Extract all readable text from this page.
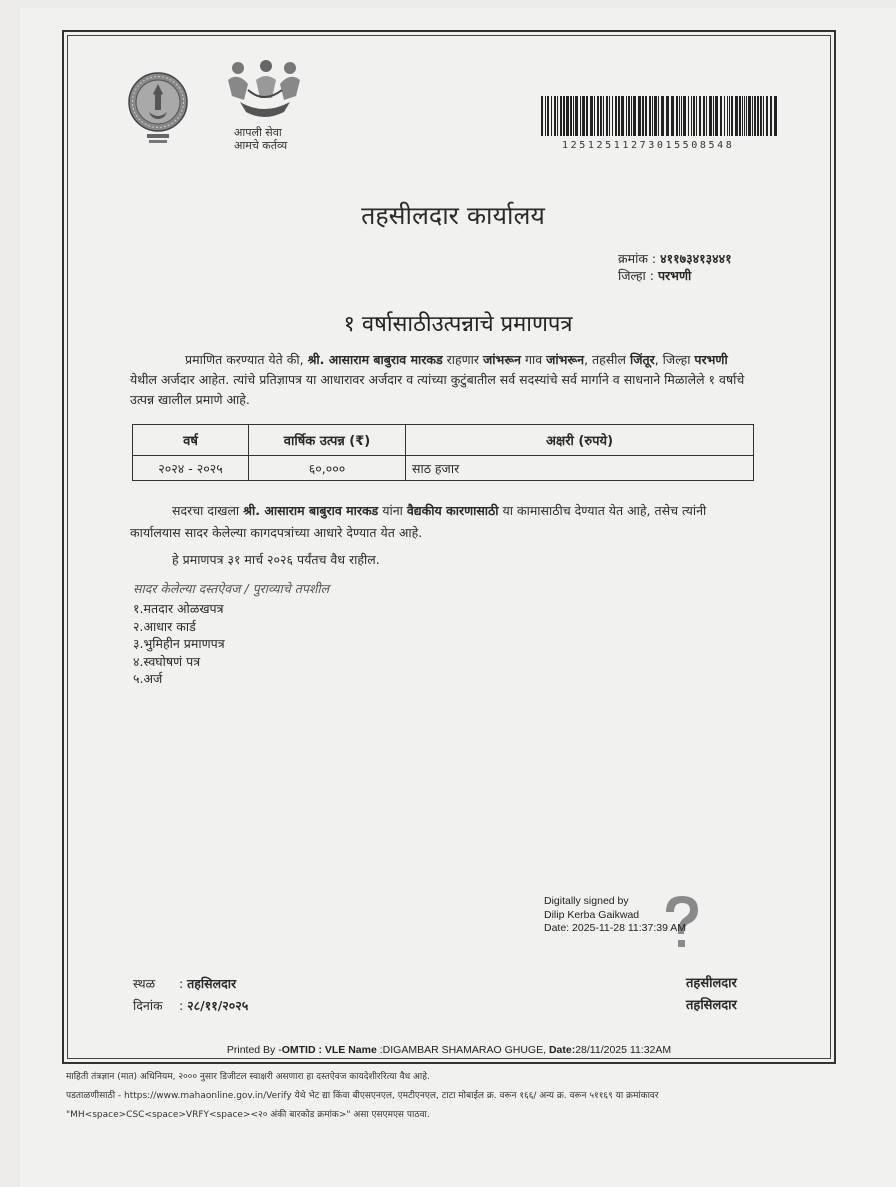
आपली सेवा
आमचे कर्तव्य	12512511273015508548
तहसीलदार कार्यालय
क्रमांक : ४११७३४१३४४१
जिल्हा : परभणी
१ वर्षासाठीउत्पन्नाचे प्रमाणपत्र
प्रमाणित करण्यात येते की, श्री. आसाराम बाबुराव मारकड राहणार जांभरून गाव जांभरून, तहसील जिंतूर, जिल्हा परभणी येथील अर्जदार आहेत. त्यांचे प्रतिज्ञापत्र या आधारावर अर्जदार व त्यांच्या कुटुंबातील सर्व सदस्यांचे सर्व मार्गाने व साधनाने मिळालेले १ वर्षाचे उत्पन्न खालील प्रमाणे आहे.
वर्ष	वार्षिक उत्पन्न (₹)	अक्षरी (रुपये)
२०२४ - २०२५	६०,०००	साठ हजार
सदरचा दाखला श्री. आसाराम बाबुराव मारकड यांना वैद्यकीय कारणासाठी या कामासाठीच देण्यात येत आहे, तसेच त्यांनी कार्यालयास सादर केलेल्या कागदपत्रांच्या आधारे देण्यात येत आहे.
हे प्रमाणपत्र ३१ मार्च २०२६ पर्यंतच वैध राहील.
सादर केलेल्या दस्तऐवज / पुराव्याचे तपशील
१.मतदार ओळखपत्र
२.आधार कार्ड
३.भुमिहीन प्रमाणपत्र
४.स्वघोषणं पत्र
५.अर्ज
Digitally signed by
Dilip Kerba Gaikwad
Date: 2025-11-28 11:37:39 AM
स्थळ : तहसिलदार
दिनांक : २८/११/२०२५
तहसीलदार
तहसिलदार
Printed By -OMTID : VLE Name :DIGAMBAR SHAMARAO GHUGE, Date:28/11/2025 11:32AM
माहिती तंत्रज्ञान (मा‍त) अधिनियम, २००० नुसार डिजीटल स्वाक्षरी असणारा हा दस्तऐवज कायदेशीररित्या वैध आहे.
पडताळणीसाठी - https://www.mahaonline.gov.in/Verify येथे भेट द्या किंवा बीएसएनएल, एमटीएनएल, टाटा मोबाईल क्र. वरून १६६/ अन्य क्र. वरून ५११६९ या क्रमांकावर
"MH<space>CSC<space>VRFY<space><२० अंकी बारकोड क्रमांक>" असा एसएमएस पाठवा.
